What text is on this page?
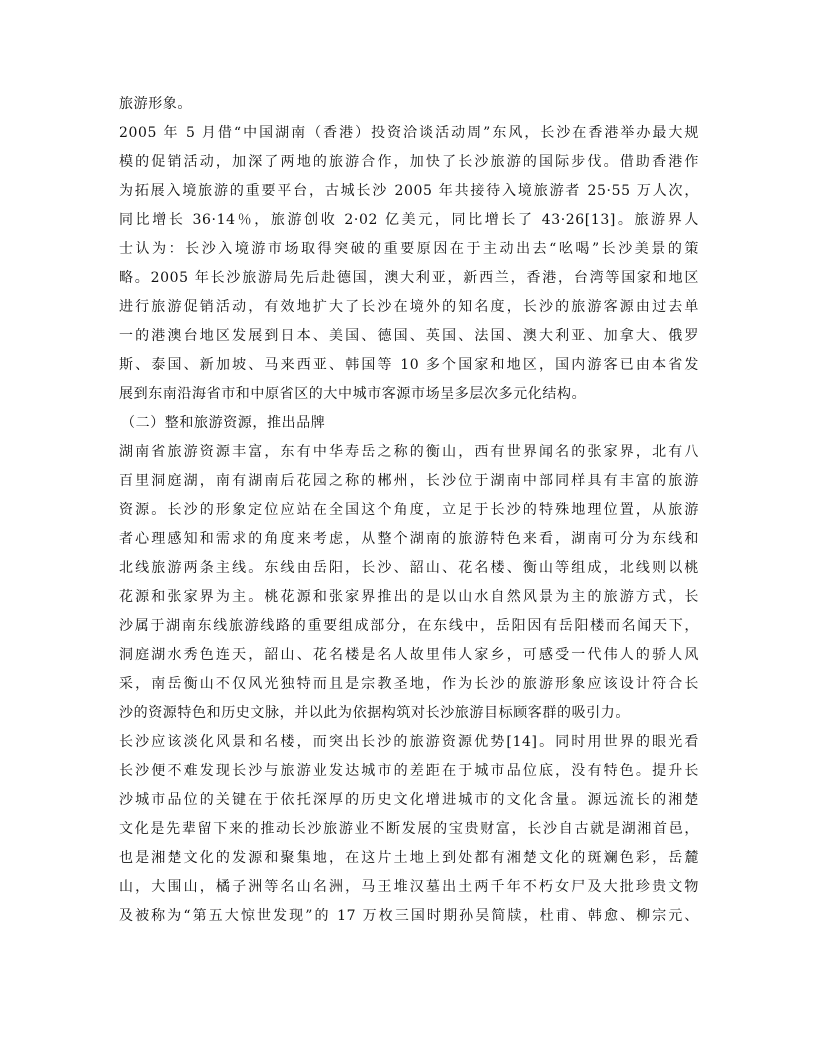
旅游形象。
2005 年 5 月借“中国湖南（香港）投资洽谈活动周”东风，长沙在香港举办最大规
模的促销活动，加深了两地的旅游合作，加快了长沙旅游的国际步伐。借助香港作
为拓展入境旅游的重要平台，古城长沙 2005 年共接待入境旅游者 25·55 万人次，
同比增长 36·14％，旅游创收 2·02 亿美元，同比增长了 43·26[13]。旅游界人
士认为：长沙入境游市场取得突破的重要原因在于主动出去“吆喝”长沙美景的策
略。2005 年长沙旅游局先后赴德国，澳大利亚，新西兰，香港，台湾等国家和地区
进行旅游促销活动，有效地扩大了长沙在境外的知名度，长沙的旅游客源由过去单
一的港澳台地区发展到日本、美国、德国、英国、法国、澳大利亚、加拿大、俄罗
斯、泰国、新加坡、马来西亚、韩国等 10 多个国家和地区，国内游客已由本省发
展到东南沿海省市和中原省区的大中城市客源市场呈多层次多元化结构。
（二）整和旅游资源，推出品牌
湖南省旅游资源丰富，东有中华寿岳之称的衡山，西有世界闻名的张家界，北有八
百里洞庭湖，南有湖南后花园之称的郴州，长沙位于湖南中部同样具有丰富的旅游
资源。长沙的形象定位应站在全国这个角度，立足于长沙的特殊地理位置，从旅游
者心理感知和需求的角度来考虑，从整个湖南的旅游特色来看，湖南可分为东线和
北线旅游两条主线。东线由岳阳，长沙、韶山、花名楼、衡山等组成，北线则以桃
花源和张家界为主。桃花源和张家界推出的是以山水自然风景为主的旅游方式，长
沙属于湖南东线旅游线路的重要组成部分，在东线中，岳阳因有岳阳楼而名闻天下，
洞庭湖水秀色连天，韶山、花名楼是名人故里伟人家乡，可感受一代伟人的骄人风
采，南岳衡山不仅风光独特而且是宗教圣地，作为长沙的旅游形象应该设计符合长
沙的资源特色和历史文脉，并以此为依据构筑对长沙旅游目标顾客群的吸引力。
长沙应该淡化风景和名楼，而突出长沙的旅游资源优势[14]。同时用世界的眼光看
长沙便不难发现长沙与旅游业发达城市的差距在于城市品位底，没有特色。提升长
沙城市品位的关键在于依托深厚的历史文化增进城市的文化含量。源远流长的湘楚
文化是先辈留下来的推动长沙旅游业不断发展的宝贵财富，长沙自古就是湖湘首邑，
也是湘楚文化的发源和聚集地，在这片土地上到处都有湘楚文化的斑斓色彩，岳麓
山，大围山，橘子洲等名山名洲，马王堆汉墓出土两千年不朽女尸及大批珍贵文物
及被称为“第五大惊世发现”的 17 万枚三国时期孙吴简牍，杜甫、韩愈、柳宗元、
